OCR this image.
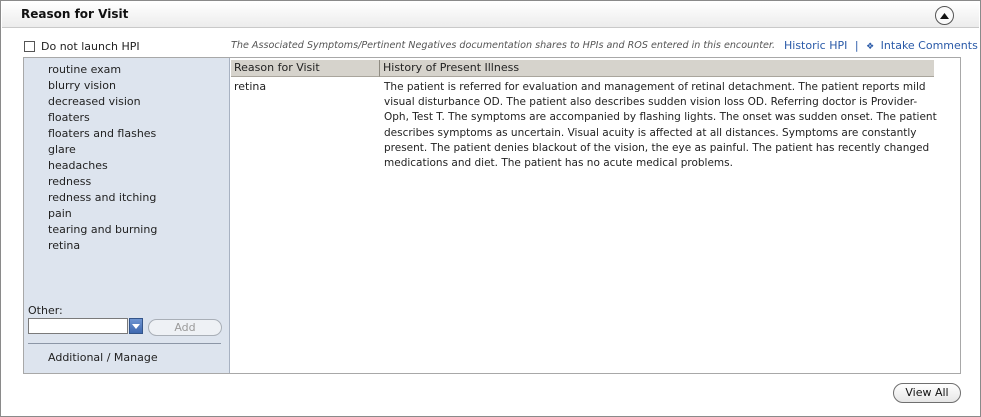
Reason for Visit
Do not launch HPI	The Associated Symptoms/Pertinent Negatives documentation shares to HPIs and ROS entered in this encounter. Historic HPI | ❖ Intake Comments
routine exam
blurry vision
decreased vision
floaters
floaters and flashes
glare
headaches
redness
redness and itching
pain
tearing and burning
retina
Other:
Add
Additional / Manage
Reason for Visit	History of Present Illness
retina	The patient is referred for evaluation and management of retinal detachment. The patient reports mild visual disturbance OD. The patient also describes sudden vision loss OD. Referring doctor is Provider-Oph, Test T. The symptoms are accompanied by flashing lights. The onset was sudden onset. The patient describes symptoms as uncertain. Visual acuity is affected at all distances. Symptoms are constantly present. The patient denies blackout of the vision, the eye as painful. The patient has recently changed medications and diet. The patient has no acute medical problems.
View All
